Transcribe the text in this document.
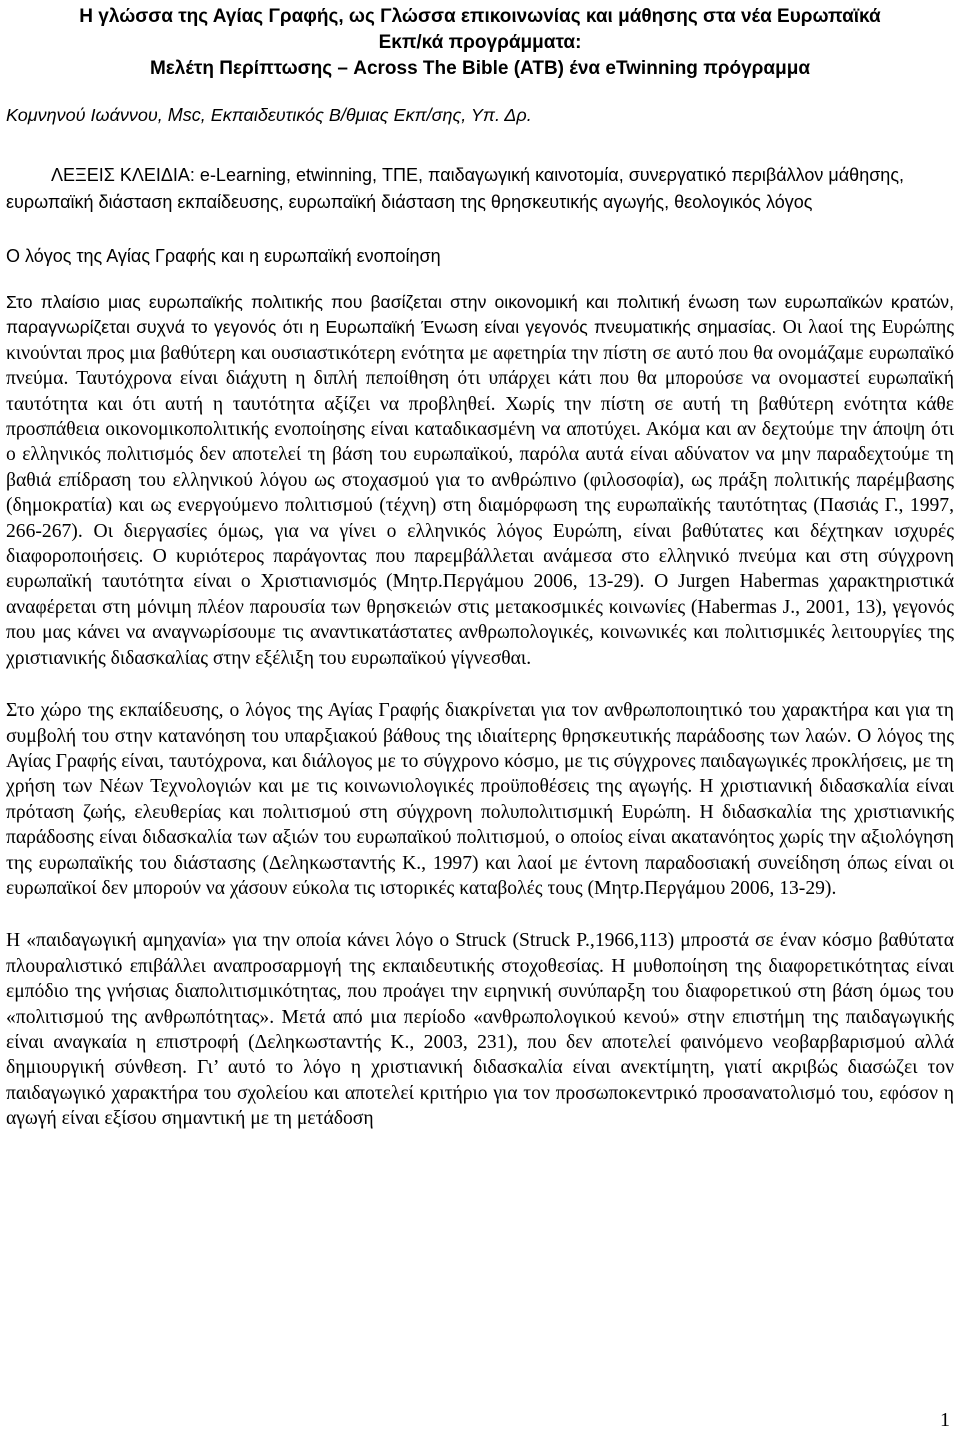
Η γλώσσα της Αγίας Γραφής, ως Γλώσσα επικοινωνίας και μάθησης στα νέα Ευρωπαϊκά
Εκπ/κά προγράμματα:
Μελέτη Περίπτωσης – Across The Bible (ATB) ένα eTwinning πρόγραμμα
Κομνηνού Ιωάννου, Msc, Εκπαιδευτικός Β/θμιας Εκπ/σης, Υπ. Δρ.

ΛΕΞΕΙΣ ΚΛΕΙΔΙΑ: e-Learning, etwinning, ΤΠΕ, παιδαγωγική καινοτομία, συνεργατικό περιβάλλον μάθησης, ευρωπαϊκή διάσταση εκπαίδευσης, ευρωπαϊκή διάσταση της θρησκευτικής αγωγής, θεολογικός λόγος

Ο λόγος της Αγίας Γραφής και η ευρωπαϊκή ενοποίηση

Στο πλαίσιο μιας ευρωπαϊκής πολιτικής που βασίζεται στην οικονομική και πολιτική ένωση των ευρωπαϊκών κρατών, παραγνωρίζεται συχνά το γεγονός ότι η Ευρωπαϊκή Ένωση είναι γεγονός πνευματικής σημασίας. Οι λαοί της Ευρώπης κινούνται προς μια βαθύτερη και ουσιαστικότερη ενότητα με αφετηρία την πίστη σε αυτό που θα ονομάζαμε ευρωπαϊκό πνεύμα. Ταυτόχρονα είναι διάχυτη η διπλή πεποίθηση ότι υπάρχει κάτι που θα μπορούσε να ονομαστεί ευρωπαϊκή ταυτότητα και ότι αυτή η ταυτότητα αξίζει να προβληθεί. Χωρίς την πίστη σε αυτή τη βαθύτερη ενότητα κάθε προσπάθεια οικονομικοπολιτικής ενοποίησης είναι καταδικασμένη να αποτύχει. Ακόμα και αν δεχτούμε την άποψη ότι ο ελληνικός πολιτισμός δεν αποτελεί τη βάση του ευρωπαϊκού, παρόλα αυτά είναι αδύνατον να μην παραδεχτούμε τη βαθιά επίδραση του ελληνικού λόγου ως στοχασμού για το ανθρώπινο (φιλοσοφία), ως πράξη πολιτικής παρέμβασης (δημοκρατία) και ως ενεργούμενο πολιτισμού (τέχνη) στη διαμόρφωση της ευρωπαϊκής ταυτότητας (Πασιάς Γ., 1997, 266-267). Οι διεργασίες όμως, για να γίνει ο ελληνικός λόγος Ευρώπη, είναι βαθύτατες και δέχτηκαν ισχυρές διαφοροποιήσεις. Ο κυριότερος παράγοντας που παρεμβάλλεται ανάμεσα στο ελληνικό πνεύμα και στη σύγχρονη ευρωπαϊκή ταυτότητα είναι ο Χριστιανισμός (Μητρ.Περγάμου 2006, 13-29). Ο Jurgen Habermas χαρακτηριστικά αναφέρεται στη μόνιμη πλέον παρουσία των θρησκειών στις μετακοσμικές κοινωνίες (Habermas J., 2001, 13), γεγονός που μας κάνει να αναγνωρίσουμε τις αναντικατάστατες ανθρωπολογικές, κοινωνικές και πολιτισμικές λειτουργίες της χριστιανικής διδασκαλίας στην εξέλιξη του ευρωπαϊκού γίγνεσθαι.

Στο χώρο της εκπαίδευσης, ο λόγος της Αγίας Γραφής διακρίνεται για τον ανθρωποποιητικό του χαρακτήρα και για τη συμβολή του στην κατανόηση του υπαρξιακού βάθους της ιδιαίτερης θρησκευτικής παράδοσης των λαών. Ο λόγος της Αγίας Γραφής είναι, ταυτόχρονα, και διάλογος με το σύγχρονο κόσμο, με τις σύγχρονες παιδαγωγικές προκλήσεις, με τη χρήση των Νέων Τεχνολογιών και με τις κοινωνιολογικές προϋποθέσεις της αγωγής. Η χριστιανική διδασκαλία είναι πρόταση ζωής, ελευθερίας και πολιτισμού στη σύγχρονη πολυπολιτισμική Ευρώπη. Η διδασκαλία της χριστιανικής παράδοσης είναι διδασκαλία των αξιών του ευρωπαϊκού πολιτισμού, ο οποίος είναι ακατανόητος χωρίς την αξιολόγηση της ευρωπαϊκής του διάστασης (Δεληκωσταντής Κ., 1997) και λαοί με έντονη παραδοσιακή συνείδηση όπως είναι οι ευρωπαϊκοί δεν μπορούν να χάσουν εύκολα τις ιστορικές καταβολές τους (Μητρ.Περγάμου 2006, 13-29).

Η «παιδαγωγική αμηχανία» για την οποία κάνει λόγο ο Struck (Struck P.,1966,113) μπροστά σε έναν κόσμο βαθύτατα πλουραλιστικό επιβάλλει αναπροσαρμογή της εκπαιδευτικής στοχοθεσίας. Η μυθοποίηση της διαφορετικότητας είναι εμπόδιο της γνήσιας διαπολιτισμικότητας, που προάγει την ειρηνική συνύπαρξη του διαφορετικού στη βάση όμως του «πολιτισμού της ανθρωπότητας». Μετά από μια περίοδο «ανθρωπολογικού κενού» στην επιστήμη της παιδαγωγικής είναι αναγκαία η επιστροφή (Δεληκωσταντής Κ., 2003, 231), που δεν αποτελεί φαινόμενο νεοβαρβαρισμού αλλά δημιουργική σύνθεση. Γι’ αυτό το λόγο η χριστιανική διδασκαλία είναι ανεκτίμητη, γιατί ακριβώς διασώζει τον παιδαγωγικό χαρακτήρα του σχολείου και αποτελεί κριτήριο για τον προσωποκεντρικό προσανατολισμό του, εφόσον η αγωγή είναι εξίσου σημαντική με τη μετάδοση

1
